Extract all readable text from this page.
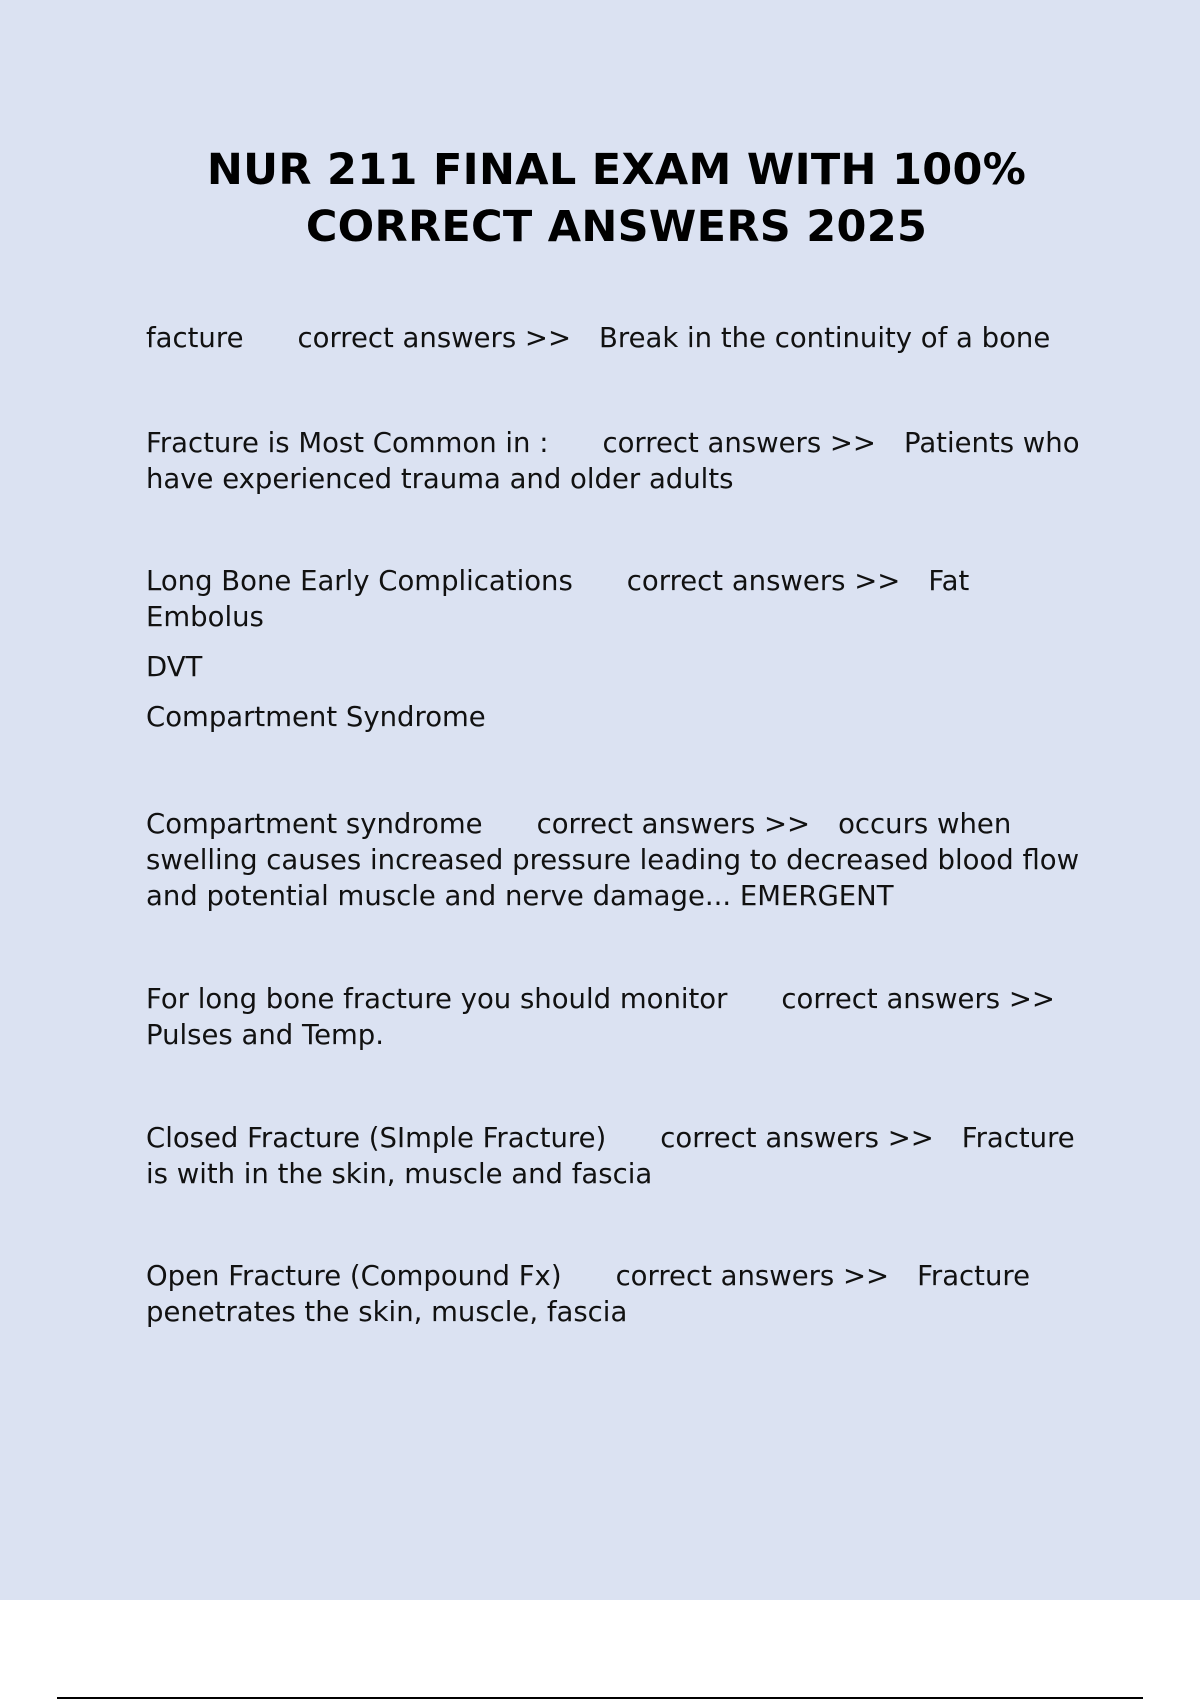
NUR 211 FINAL EXAM WITH 100% CORRECT ANSWERS 2025

facture correct answers >> Break in the continuity of a bone

Fracture is Most Common in : correct answers >> Patients who have experienced trauma and older adults

Long Bone Early Complications correct answers >> Fat Embolus

DVT

Compartment Syndrome

Compartment syndrome correct answers >> occurs when swelling causes increased pressure leading to decreased blood flow and potential muscle and nerve damage... EMERGENT

For long bone fracture you should monitor correct answers >>Pulses and Temp.

Closed Fracture (SImple Fracture) correct answers >> Fracture is with in the skin, muscle and fascia

Open Fracture (Compound Fx) correct answers >> Fracture penetrates the skin, muscle, fascia
